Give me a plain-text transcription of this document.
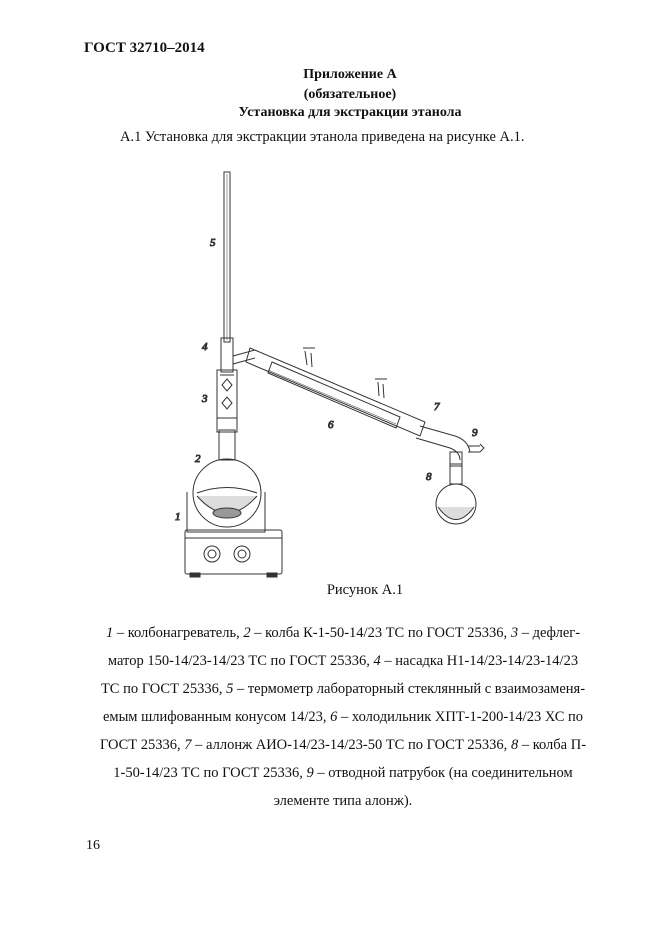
ГОСТ 32710–2014
Приложение А
(обязательное)
Установка для экстракции этанола
А.1 Установка для экстракции этанола приведена на рисунке А.1.
1
2
3
4
5
6
7
8
9
Рисунок А.1
1 – колбонагреватель, 2 – колба К-1-50-14/23 ТС по ГОСТ 25336, 3 – дефлег-
матор 150-14/23-14/23 ТС по ГОСТ 25336, 4 – насадка Н1-14/23-14/23-14/23
ТС по ГОСТ 25336, 5 – термометр лабораторный стеклянный с взаимозаменя-
емым шлифованным конусом 14/23, 6 – холодильник ХПТ-1-200-14/23 ХС по
ГОСТ 25336, 7 – аллонж АИО-14/23-14/23-50 ТС по ГОСТ 25336, 8 – колба П-
1-50-14/23 ТС по ГОСТ 25336, 9 – отводной патрубок (на соединительном
элементе типа алонж).
16
